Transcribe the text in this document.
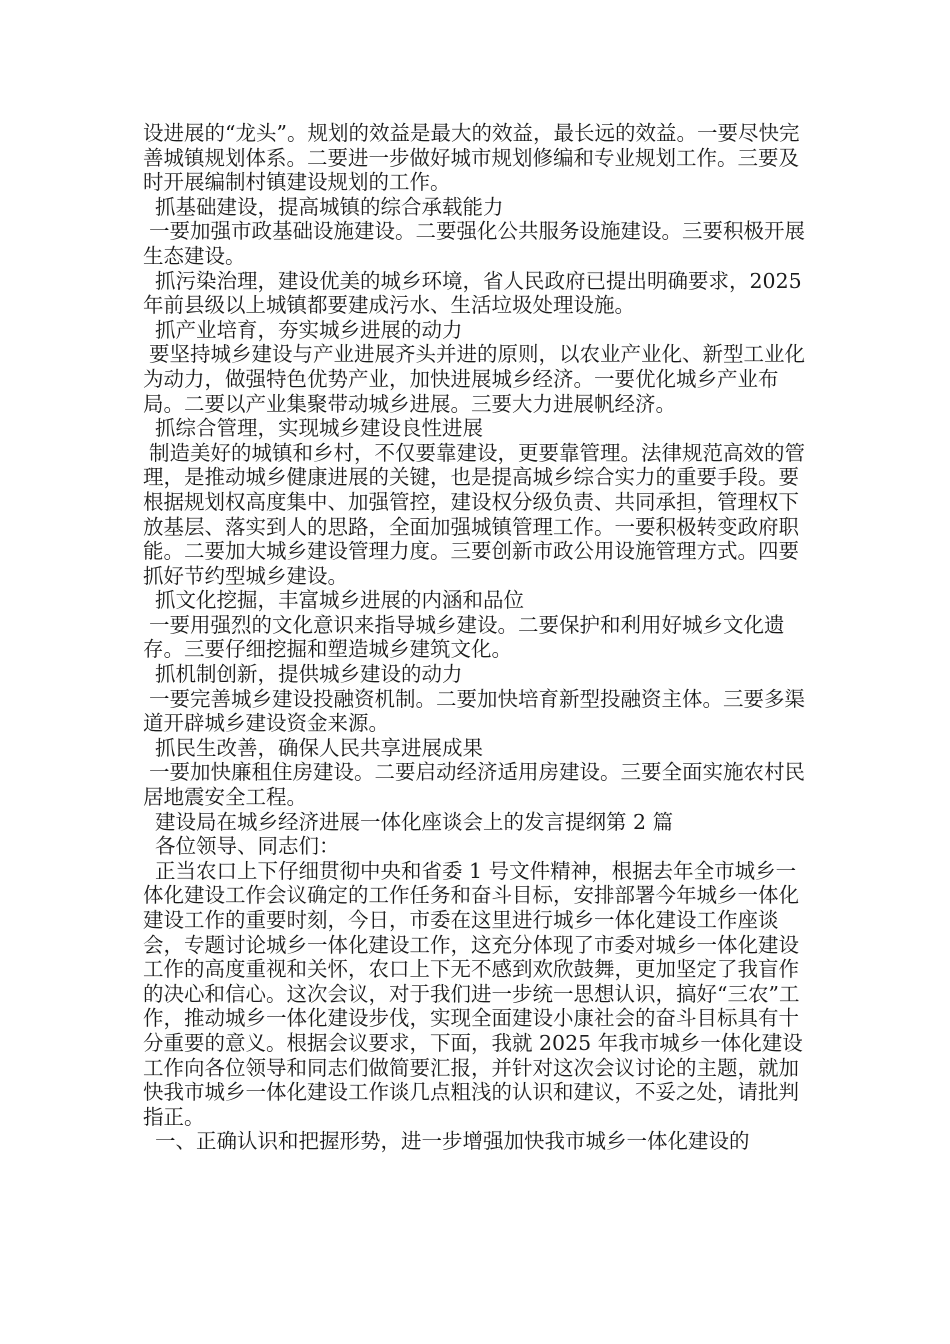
设进展的“龙头”。规划的效益是最大的效益，最长远的效益。一要尽快完善城镇规划体系。二要进一步做好城市规划修编和专业规划工作。三要及时开展编制村镇建设规划的工作。

抓基础建设，提高城镇的综合承载能力

一要加强市政基础设施建设。二要强化公共服务设施建设。三要积极开展生态建设。

抓污染治理，建设优美的城乡环境，省人民政府已提出明确要求，2025 年前县级以上城镇都要建成污水、生活垃圾处理设施。

抓产业培育，夯实城乡进展的动力

要坚持城乡建设与产业进展齐头并进的原则，以农业产业化、新型工业化为动力，做强特色优势产业，加快进展城乡经济。一要优化城乡产业布局。二要以产业集聚带动城乡进展。三要大力进展帆经济。

抓综合管理，实现城乡建设良性进展

制造美好的城镇和乡村，不仅要靠建设，更要靠管理。法律规范高效的管理，是推动城乡健康进展的关键，也是提高城乡综合实力的重要手段。要根据规划权高度集中、加强管控，建设权分级负责、共同承担，管理权下放基层、落实到人的思路，全面加强城镇管理工作。一要积极转变政府职能。二要加大城乡建设管理力度。三要创新市政公用设施管理方式。四要抓好节约型城乡建设。

抓文化挖掘，丰富城乡进展的内涵和品位

一要用强烈的文化意识来指导城乡建设。二要保护和利用好城乡文化遗存。三要仔细挖掘和塑造城乡建筑文化。

抓机制创新，提供城乡建设的动力

一要完善城乡建设投融资机制。二要加快培育新型投融资主体。三要多渠道开辟城乡建设资金来源。

抓民生改善，确保人民共享进展成果

一要加快廉租住房建设。二要启动经济适用房建设。三要全面实施农村民居地震安全工程。

建设局在城乡经济进展一体化座谈会上的发言提纲第 2 篇

各位领导、同志们：

正当农口上下仔细贯彻中央和省委 1 号文件精神，根据去年全市城乡一体化建设工作会议确定的工作任务和奋斗目标，安排部署今年城乡一体化建设工作的重要时刻，今日，市委在这里进行城乡一体化建设工作座谈会，专题讨论城乡一体化建设工作，这充分体现了市委对城乡一体化建设工作的高度重视和关怀，农口上下无不感到欢欣鼓舞，更加坚定了我盲作的决心和信心。这次会议，对于我们进一步统一思想认识，搞好“三农”工作，推动城乡一体化建设步伐，实现全面建设小康社会的奋斗目标具有十分重要的意义。根据会议要求，下面，我就 2025 年我市城乡一体化建设工作向各位领导和同志们做简要汇报，并针对这次会议讨论的主题，就加快我市城乡一体化建设工作谈几点粗浅的认识和建议，不妥之处，请批判指正。

一、正确认识和把握形势，进一步增强加快我市城乡一体化建设的
